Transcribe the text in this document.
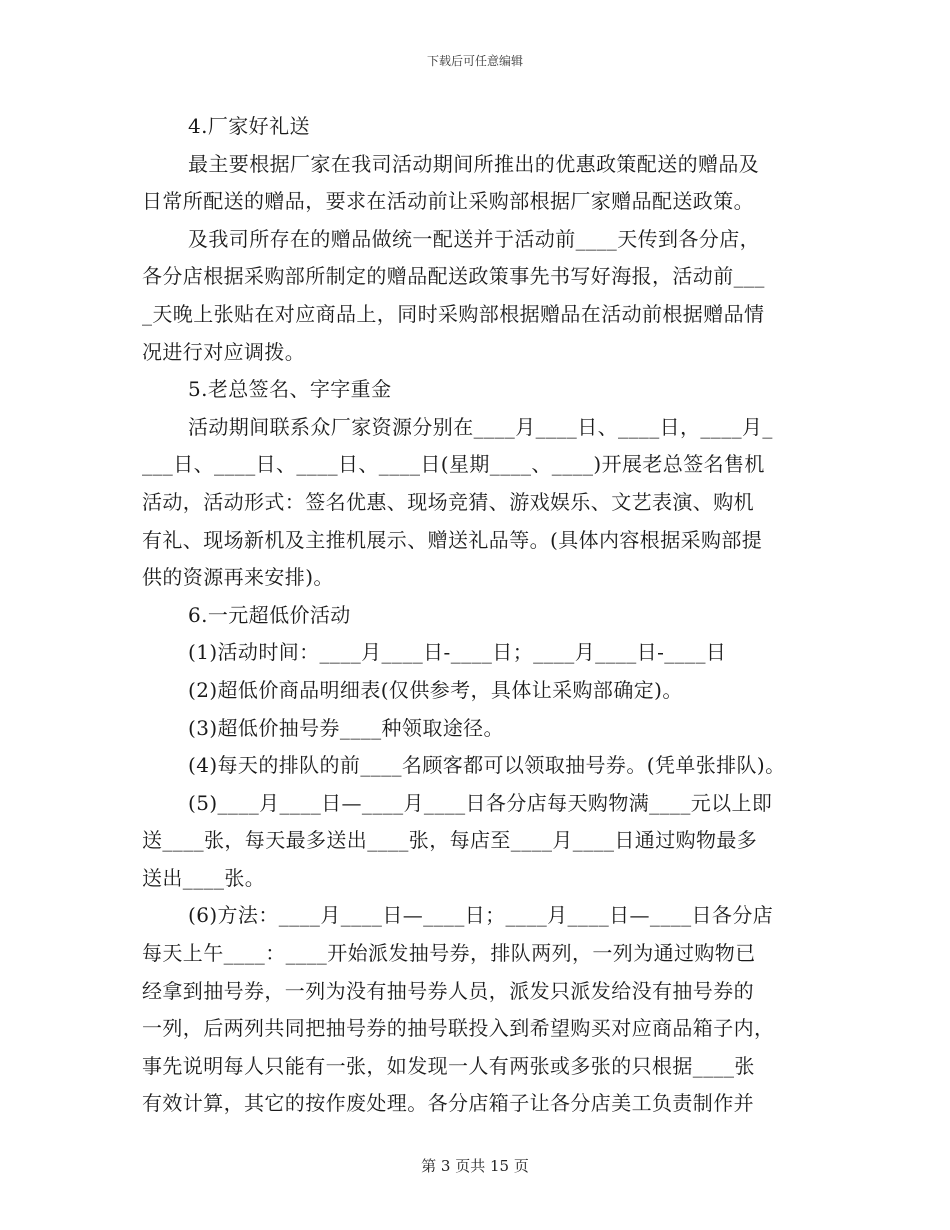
下载后可任意编辑
4.厂家好礼送
最主要根据厂家在我司活动期间所推出的优惠政策配送的赠品及
日常所配送的赠品，要求在活动前让采购部根据厂家赠品配送政策。
及我司所存在的赠品做统一配送并于活动前____天传到各分店，
各分店根据采购部所制定的赠品配送政策事先书写好海报，活动前___
_天晚上张贴在对应商品上，同时采购部根据赠品在活动前根据赠品情
况进行对应调拨。
5.老总签名、字字重金
活动期间联系众厂家资源分别在____月____日、____日，____月_
___日、____日、____日、____日(星期____、____)开展老总签名售机
活动，活动形式：签名优惠、现场竞猜、游戏娱乐、文艺表演、购机
有礼、现场新机及主推机展示、赠送礼品等。(具体内容根据采购部提
供的资源再来安排)。
6.一元超低价活动
(1)活动时间：____月____日-____日；____月____日-____日
(2)超低价商品明细表(仅供参考，具体让采购部确定)。
(3)超低价抽号券____种领取途径。
(4)每天的排队的前____名顾客都可以领取抽号券。(凭单张排队)。
(5)____月____日—____月____日各分店每天购物满____元以上即
送____张，每天最多送出____张，每店至____月____日通过购物最多
送出____张。
(6)方法：____月____日—____日；____月____日—____日各分店
每天上午____：____开始派发抽号券，排队两列，一列为通过购物已
经拿到抽号券，一列为没有抽号券人员，派发只派发给没有抽号券的
一列，后两列共同把抽号券的抽号联投入到希望购买对应商品箱子内，
事先说明每人只能有一张，如发现一人有两张或多张的只根据____张
有效计算，其它的按作废处理。各分店箱子让各分店美工负责制作并
第 3 页共 15 页
